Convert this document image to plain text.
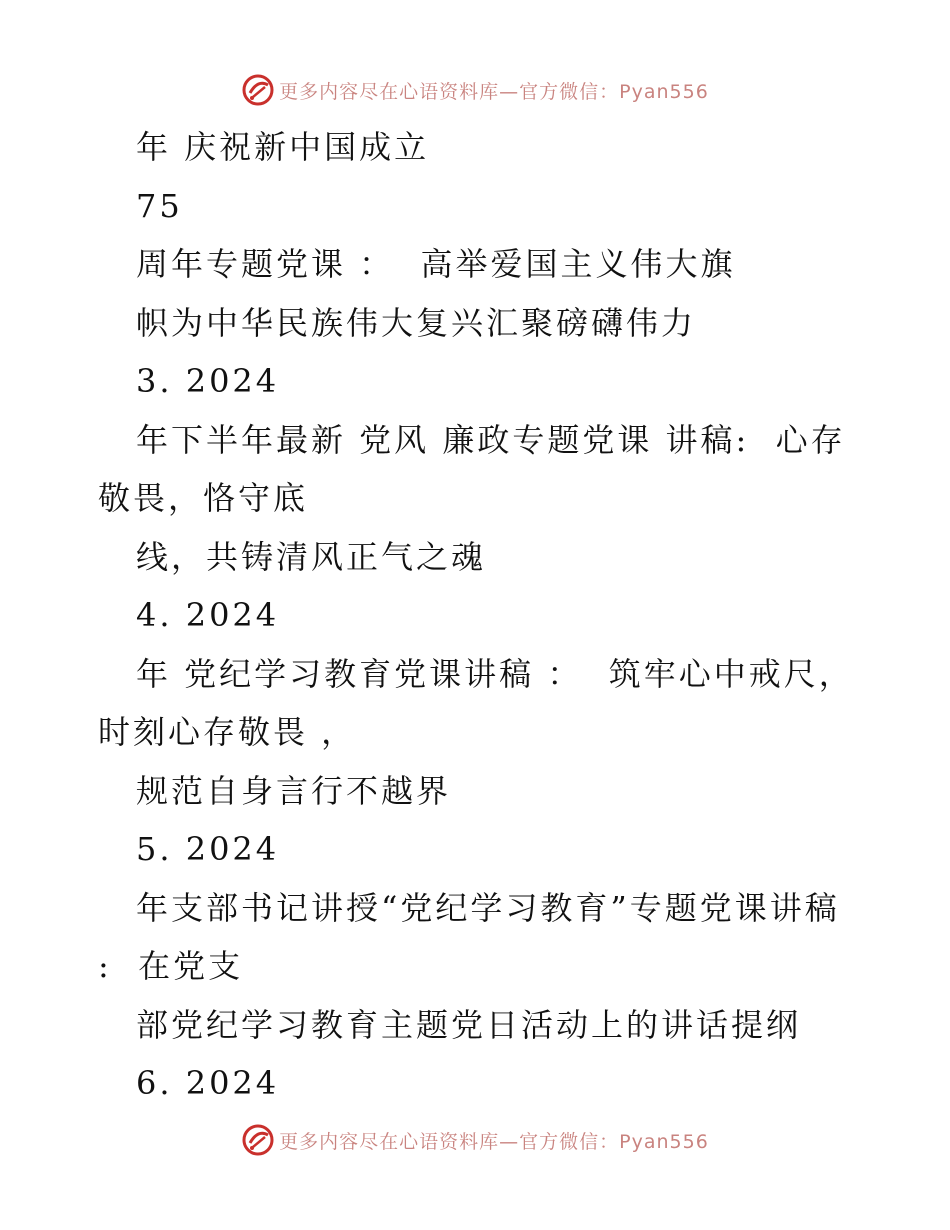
更多内容尽在心语资料库—官方微信：Pyan556
年 庆祝新中国成立
75
周年专题党课 ：  高举爱国主义伟大旗
帜为中华民族伟大复兴汇聚磅礴伟力
3. 2024
年下半年最新 党风 廉政专题党课 讲稿:  心存
敬畏，恪守底
线，共铸清风正气之魂
4. 2024
年 党纪学习教育党课讲稿 ：  筑牢心中戒尺，
时刻心存敬畏 ，
规范自身言行不越界
5. 2024
年支部书记讲授“党纪学习教育”专题党课讲稿
:  在党支
部党纪学习教育主题党日活动上的讲话提纲
6. 2024
更多内容尽在心语资料库—官方微信：Pyan556
